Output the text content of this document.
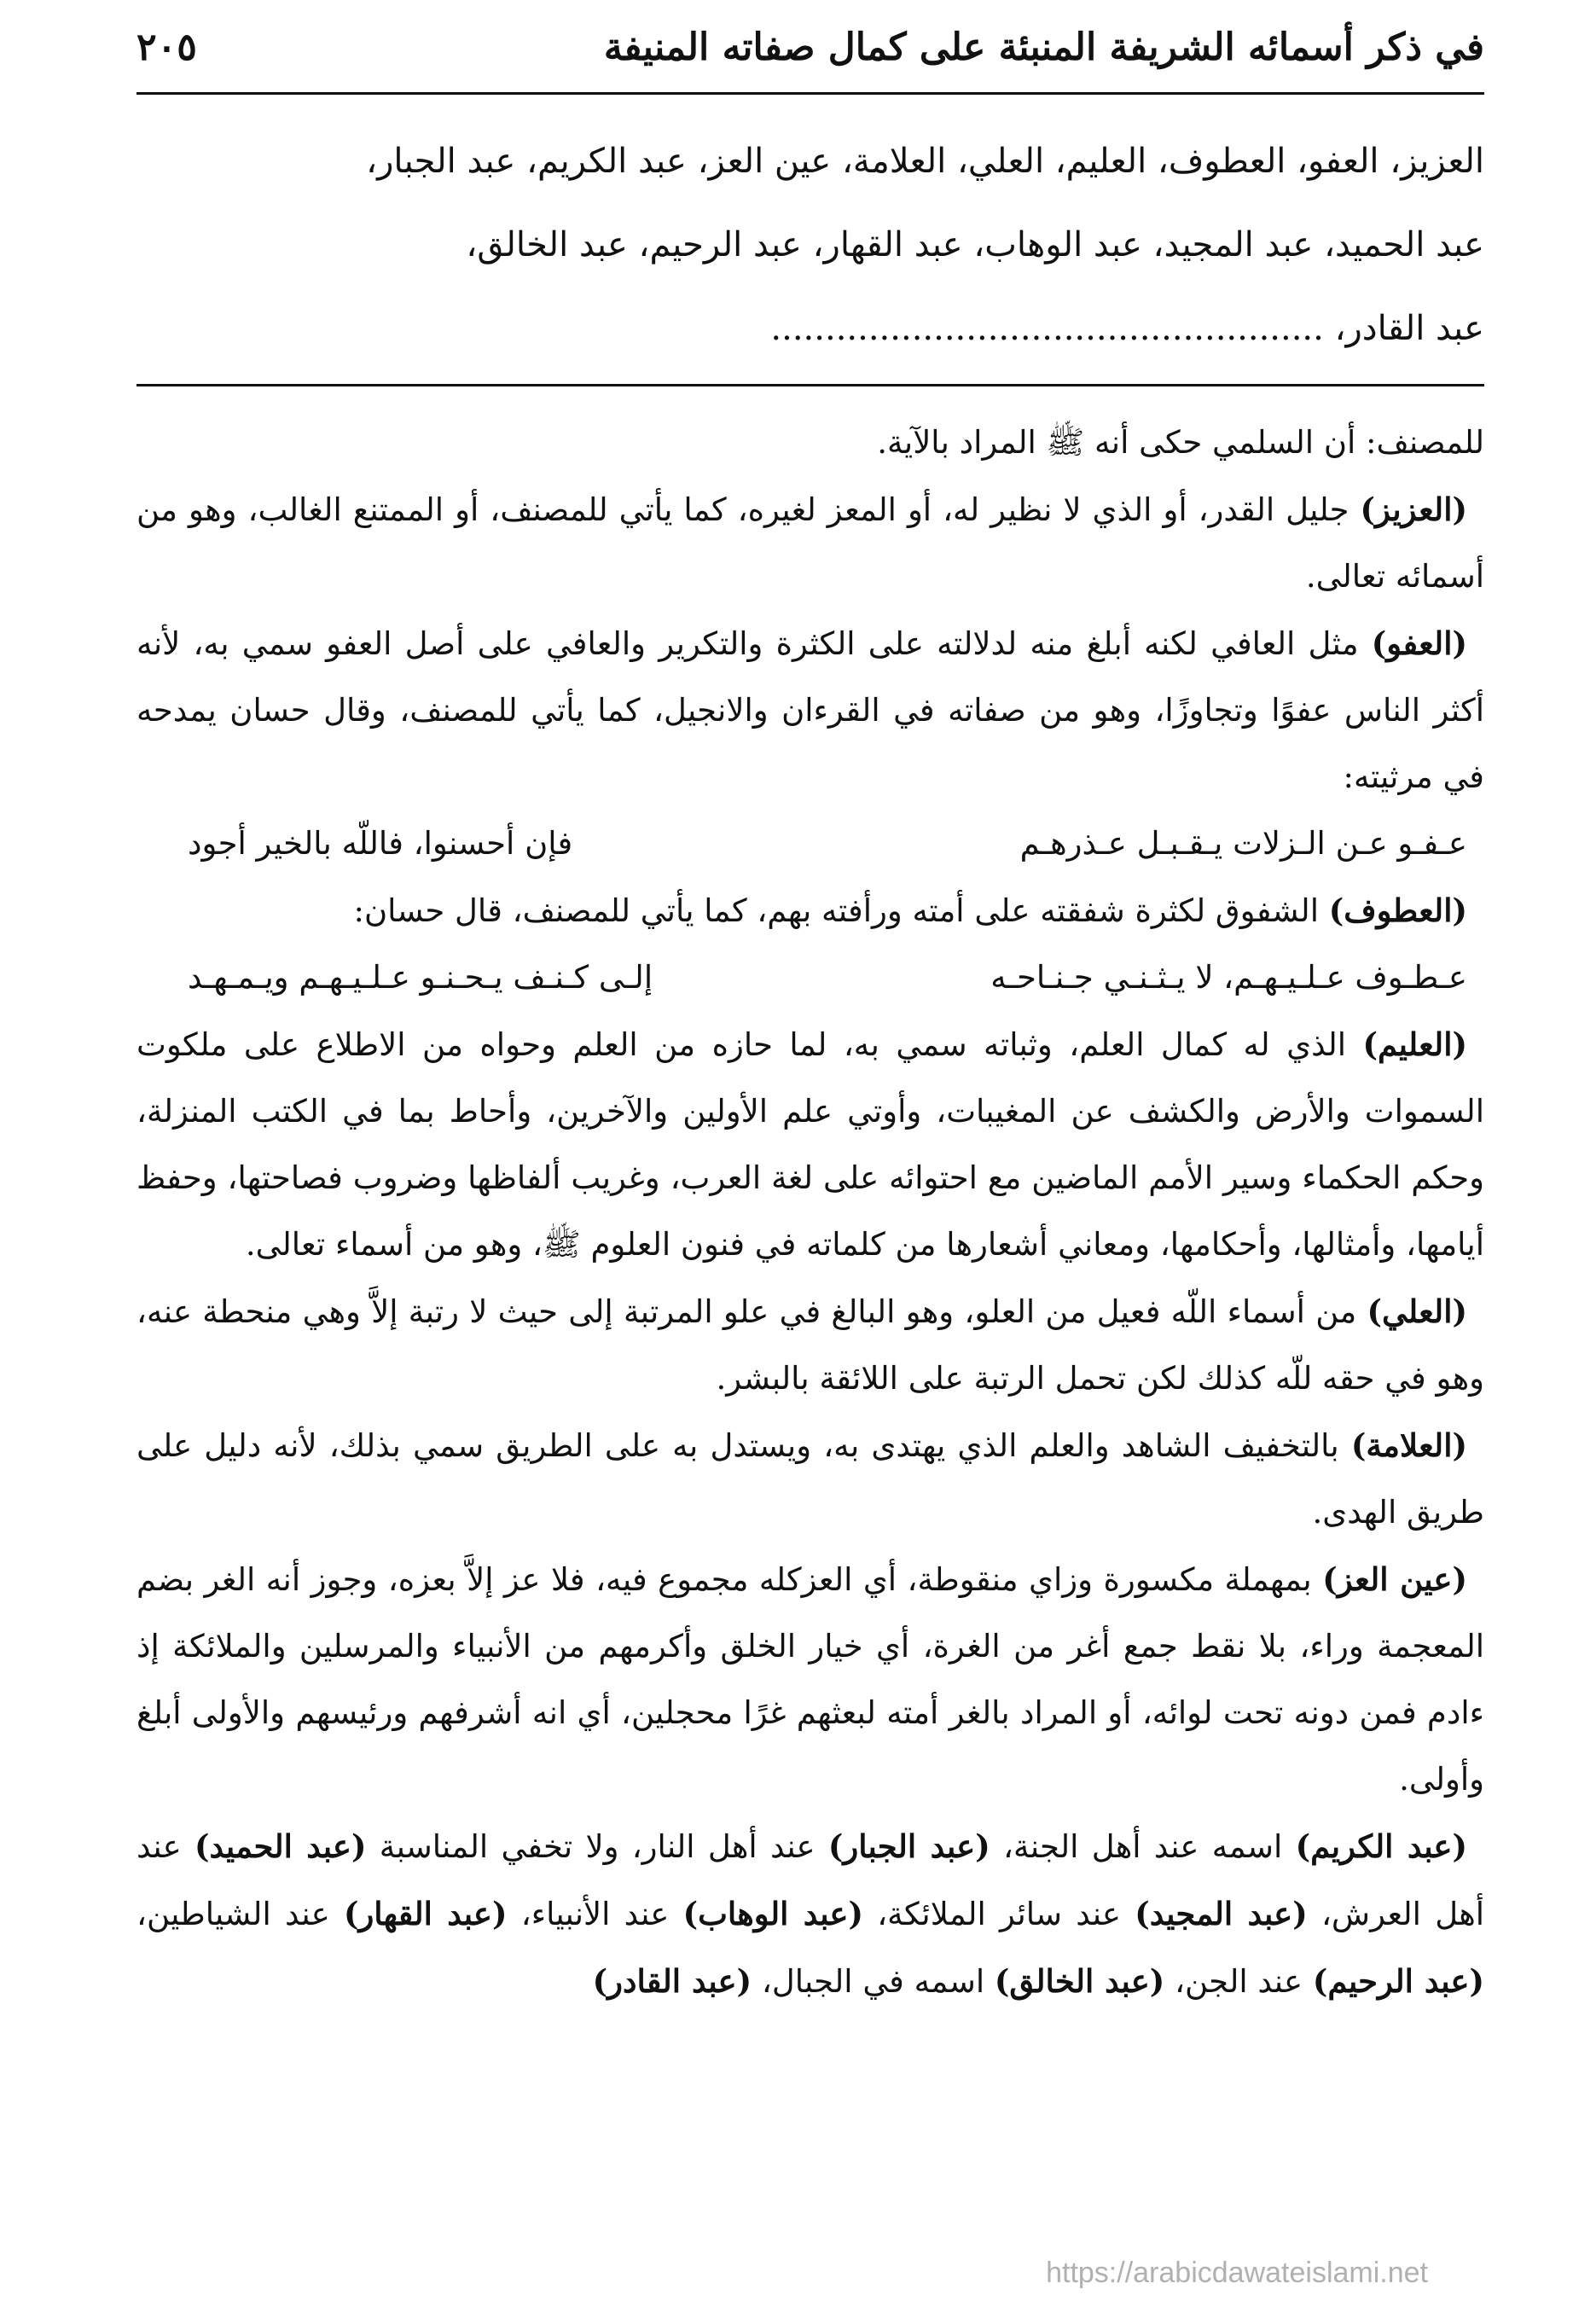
في ذكر أسمائه الشريفة المنبئة على كمال صفاته المنيفة
٢٠٥
العزيز، العفو، العطوف، العليم، العلي، العلامة، عين العز، عبد الكريم، عبد الجبار،
عبد الحميد، عبد المجيد، عبد الوهاب، عبد القهار، عبد الرحيم، عبد الخالق،
عبد القادر، ...................................................

للمصنف: أن السلمي حكى أنه ﷺ المراد بالآية.

(العزيز) جليل القدر، أو الذي لا نظير له، أو المعز لغيره، كما يأتي للمصنف، أو الممتنع الغالب، وهو من أسمائه تعالى.

(العفو) مثل العافي لكنه أبلغ منه لدلالته على الكثرة والتكرير والعافي على أصل العفو سمي به، لأنه أكثر الناس عفوًا وتجاوزًا، وهو من صفاته في القرءان والانجيل، كما يأتي للمصنف، وقال حسان يمدحه في مرثيته:

عـفـو عـن الـزلات يـقـبـل عـذرهـم
فإن أحسنوا، فاللّه بالخير أجود

(العطوف) الشفوق لكثرة شفقته على أمته ورأفته بهم، كما يأتي للمصنف، قال حسان:

عـطـوف عـلـيـهـم، لا يـثـنـي جـنـاحـه
إلـى كـنـف يـحـنـو عـلـيـهـم ويـمـهـد

(العليم) الذي له كمال العلم، وثباته سمي به، لما حازه من العلم وحواه من الاطلاع على ملكوت السموات والأرض والكشف عن المغيبات، وأوتي علم الأولين والآخرين، وأحاط بما في الكتب المنزلة، وحكم الحكماء وسير الأمم الماضين مع احتوائه على لغة العرب، وغريب ألفاظها وضروب فصاحتها، وحفظ أيامها، وأمثالها، وأحكامها، ومعاني أشعارها من كلماته في فنون العلوم ﷺ، وهو من أسماء تعالى.

(العلي) من أسماء اللّه فعيل من العلو، وهو البالغ في علو المرتبة إلى حيث لا رتبة إلاَّ وهي منحطة عنه، وهو في حقه للّه كذلك لكن تحمل الرتبة على اللائقة بالبشر.

(العلامة) بالتخفيف الشاهد والعلم الذي يهتدى به، ويستدل به على الطريق سمي بذلك، لأنه دليل على طريق الهدى.

(عين العز) بمهملة مكسورة وزاي منقوطة، أي العزكله مجموع فيه، فلا عز إلاَّ بعزه، وجوز أنه الغر بضم المعجمة وراء، بلا نقط جمع أغر من الغرة، أي خيار الخلق وأكرمهم من الأنبياء والمرسلين والملائكة إذ ءادم فمن دونه تحت لوائه، أو المراد بالغر أمته لبعثهم غرًا محجلين، أي انه أشرفهم ورئيسهم والأولى أبلغ وأولى.

(عبد الكريم) اسمه عند أهل الجنة، (عبد الجبار) عند أهل النار، ولا تخفي المناسبة (عبد الحميد) عند أهل العرش، (عبد المجيد) عند سائر الملائكة، (عبد الوهاب) عند الأنبياء، (عبد القهار) عند الشياطين، (عبد الرحيم) عند الجن، (عبد الخالق) اسمه في الجبال، (عبد القادر)

https://arabicdawateislami.net
